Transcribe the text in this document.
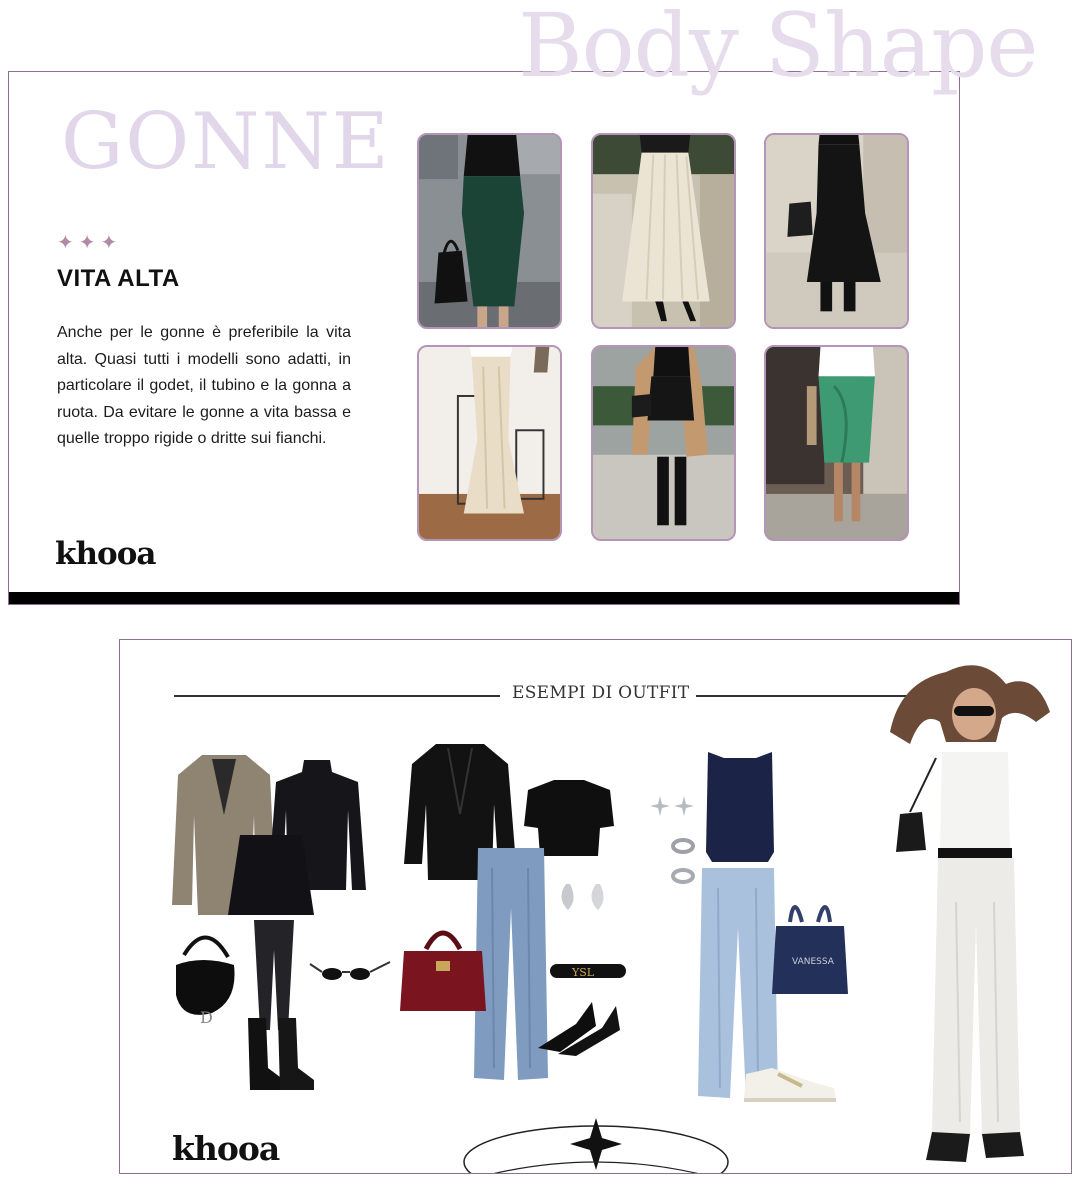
Body Shape
GONNE
✦✦✦
VITA ALTA
Anche per le gonne è preferibile la vita alta. Quasi tutti i modelli sono adatti, in particolare il godet, il tubino e la gonna a ruota. Da evitare le gonne a vita bassa e quelle troppo rigide o dritte sui fianchi.
khooa
ESEMPI DI OUTFIT
D
YSL
VANESSA
khooa
